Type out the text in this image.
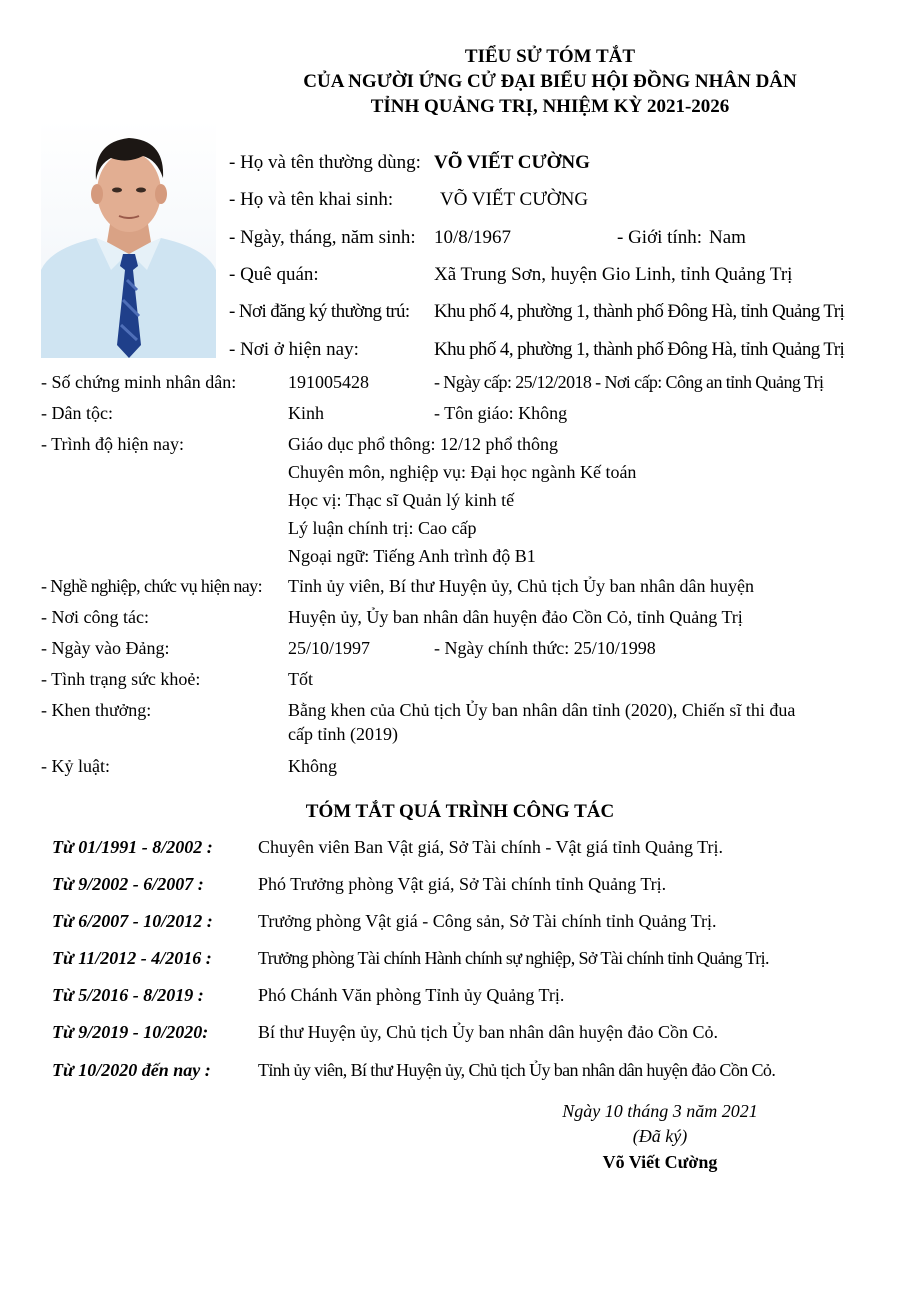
TIỂU SỬ TÓM TẮT
CỦA NGƯỜI ỨNG CỬ ĐẠI BIỂU HỘI ĐỒNG NHÂN DÂN
TỈNH QUẢNG TRỊ, NHIỆM KỲ 2021-2026
- Họ và tên thường dùng: VÕ VIẾT CƯỜNG
- Họ và tên khai sinh: VÕ VIẾT CƯỜNG
- Ngày, tháng, năm sinh: 10/8/1967	- Giới tính: Nam
- Quê quán:	Xã Trung Sơn, huyện Gio Linh, tỉnh Quảng Trị
- Nơi đăng ký thường trú: Khu phố 4, phường 1, thành phố Đông Hà, tỉnh Quảng Trị
- Nơi ở hiện nay:	Khu phố 4, phường 1, thành phố Đông Hà, tỉnh Quảng Trị
- Số chứng minh nhân dân:	191005428	- Ngày cấp: 25/12/2018 - Nơi cấp: Công an tỉnh Quảng Trị
- Dân tộc:	Kinh	- Tôn giáo: Không
- Trình độ hiện nay:	Giáo dục phổ thông: 12/12 phổ thông
Chuyên môn, nghiệp vụ: Đại học ngành Kế toán
Học vị: Thạc sĩ Quản lý kinh tế
Lý luận chính trị: Cao cấp
Ngoại ngữ: Tiếng Anh trình độ B1
- Nghề nghiệp, chức vụ hiện nay: Tỉnh ủy viên, Bí thư Huyện ủy, Chủ tịch Ủy ban nhân dân huyện
- Nơi công tác:	Huyện ủy, Ủy ban nhân dân huyện đảo Cồn Cỏ, tỉnh Quảng Trị
- Ngày vào Đảng:	25/10/1997	- Ngày chính thức: 25/10/1998
- Tình trạng sức khoẻ:	Tốt
- Khen thưởng:	Bằng khen của Chủ tịch Ủy ban nhân dân tỉnh (2020), Chiến sĩ thi đua
cấp tỉnh (2019)
- Kỷ luật:	Không
TÓM TẮT QUÁ TRÌNH CÔNG TÁC
Từ 01/1991 - 8/2002 :	Chuyên viên Ban Vật giá, Sở Tài chính - Vật giá tỉnh Quảng Trị.
Từ 9/2002 - 6/2007 :	Phó Trưởng phòng Vật giá, Sở Tài chính tỉnh Quảng Trị.
Từ 6/2007 - 10/2012 :	Trưởng phòng Vật giá - Công sản, Sở Tài chính tỉnh Quảng Trị.
Từ 11/2012 - 4/2016 :	Trưởng phòng Tài chính Hành chính sự nghiệp, Sở Tài chính tỉnh Quảng Trị.
Từ 5/2016 - 8/2019 :	Phó Chánh Văn phòng Tỉnh ủy Quảng Trị.
Từ 9/2019 - 10/2020:	Bí thư Huyện ủy, Chủ tịch Ủy ban nhân dân huyện đảo Cồn Cỏ.
Từ 10/2020 đến nay :	Tỉnh ủy viên, Bí thư Huyện ủy, Chủ tịch Ủy ban nhân dân huyện đảo Cồn Cỏ.
Ngày 10 tháng 3 năm 2021
(Đã ký)
Võ Viết Cường
